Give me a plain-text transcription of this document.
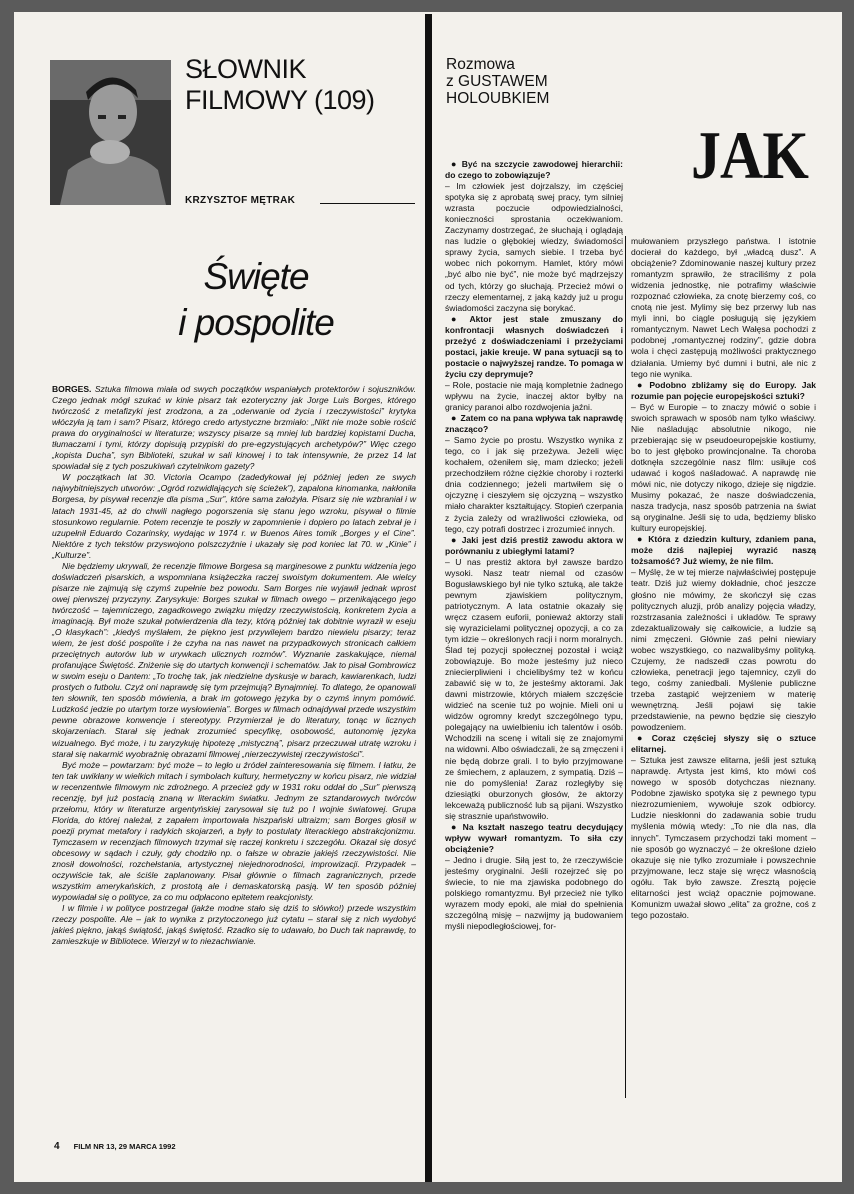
SŁOWNIK
FILMOWY (109)
KRZYSZTOF MĘTRAK
Święte
i pospolite

BORGES. Sztuka filmowa miała od swych początków wspaniałych protektorów i sojuszników. Czego jednak mógł szukać w kinie pisarz tak ezoteryczny jak Jorge Luis Borges, którego twórczość z metafizyki jest zrodzona, a za „oderwanie od życia i rzeczywistości” krytyka włóczyła ją tam i sam? Pisarz, którego credo artystyczne brzmiało: „Nikt nie może sobie rościć prawa do oryginalności w literaturze; wszyscy pisarze są mniej lub bardziej kopistami Ducha, tłumaczami i tymi, którzy dopisują przypiski do pre-egzystujących archetypów?” Więc czego „kopista Ducha”, syn Biblioteki, szukał w sali kinowej i to tak intensywnie, że przez 14 lat spowiadał się z tych poszukiwań czytelnikom gazety?

W początkach lat 30. Victoria Ocampo (zadedykował jej później jeden ze swych najwybitniejszych utworów: „Ogród rozwidlających się ścieżek”), zapalona kinomanka, nakłoniła Borgesa, by pisywał recenzje dla pisma „Sur”, które sama założyła. Pisarz się nie wzbraniał i w latach 1931-45, aż do chwili nagłego pogorszenia się stanu jego wzroku, pisywał o filmie stosunkowo regularnie. Potem recenzje te poszły w zapomnienie i dopiero po latach zebrał je i uzupełnił Eduardo Cozarinsky, wydając w 1974 r. w Buenos Aires tomik „Borges y el Cine”. Niektóre z tych tekstów przyswojono polszczyźnie i ukazały się pod koniec lat 70. w „Kinie” i „Kulturze”.

Nie będziemy ukrywali, że recenzje filmowe Borgesa są marginesowe z punktu widzenia jego doświadczeń pisarskich, a wspomniana książeczka raczej swoistym dokumentem. Ale wielcy pisarze nie zajmują się czymś zupełnie bez powodu. Sam Borges nie wyjawił jednak wprost owej pierwszej przyczyny. Zarysykuje: Borges szukał w filmach owego – przenikającego jego twórczość – tajemniczego, zagadkowego związku między rzeczywistością, konkretem życia a imaginacją. Był może szukał potwierdzenia dla tezy, którą później tak dobitnie wyraził w eseju „O klasykach”: „kiedyś myślałem, że piękno jest przywilejem bardzo niewielu pisarzy; teraz wiem, że jest dość pospolite i że czyha na nas nawet na przypadkowych stronicach całkiem przeciętnych autorów lub w urywkach ulicznych rozmów”. Wyznanie zaskakujące, niemal profanujące Świętość. Zniżenie się do utartych konwencji i schematów. Jak to pisał Gombrowicz w swoim eseju o Dantem: „To trochę tak, jak niedzielne dyskusje w barach, kawiarenkach, ludzi prostych o futbolu. Czyż oni naprawdę się tym przejmują? Bynajmniej. To dlatego, że opanowali ten słownik, ten sposób mówienia, a brak im gotowego języka by o czymś innym pomówić. Ludzkość jedzie po utartym torze wysłowienia”. Borges w filmach odnajdywał przede wszystkim pewne obrazowe konwencje i stereotypy. Przymierzał je do literatury, tonąc w licznych skojarzeniach. Starał się jednak zrozumieć specyfikę, osobowość, autonomię języka wizualnego. Być może, i tu zaryzykuję hipotezę „mistyczną”, pisarz przeczuwał utratę wzroku i starał się nakarmić wyobraźnię obrazami filmowej „nierzeczywistej rzeczywistości”.

Być może – powtarzam: być może – to legło u źródeł zainteresowania się filmem. I łatku, że ten tak uwikłany w wielkich mitach i symbolach kultury, hermetyczny w końcu pisarz, nie widział w recenzentwie filmowym nic zdrożnego. A przecież gdy w 1931 roku oddał do „Sur” pierwszą recenzję, był już postacią znaną w literackim światku. Jednym ze sztandarowych twórców przełomu, który w literaturze argentyńskiej zarysował się tuż po I wojnie światowej. Grupa Florida, do której należał, z zapałem importowała hiszpański ultraizm; sam Borges głosił w poezji prymat metafory i radykich skojarzeń, a były to postulaty literackiego abstrakcjonizmu. Tymczasem w recenzjach filmowych trzymał się raczej konkretu i szczegółu. Okazał się dosyć obcesowy w sądach i czuły, gdy chodziło np. o fałsze w obrazie jakiejś rzeczywistości. Nie znosił dowolności, rozchełstania, artystycznej niejednorodności, improwizacji. Przypadek – oczywiście tak, ale ściśle zaplanowany. Pisał głównie o filmach zagranicznych, przede wszystkim amerykańskich, z prostotą ale i demaskatorską pasją. W ten sposób później wypowiadał się o polityce, za co mu odpłacono epitetem reakcjonisty.

I w filmie i w polityce postrzegał (jakże modne stało się dziś to słówko!) przede wszystkim rzeczy pospolite. Ale – jak to wynika z przytoczonego już cytatu – starał się z nich wydobyć jakieś piękno, jakąś świątość, jakąś świętość. Rzadko się to udawało, bo Duch tak naprawdę, to zamieszkuje w Bibliotece. Wierzył w to niezachwianie.

4 FILM NR 13, 29 MARCA 1992
Rozmowa
z GUSTAWEM
HOLOUBKIEM
JAK

● Być na szczycie zawodowej hierarchii: do czego to zobowiązuje?

– Im człowiek jest dojrzalszy, im częściej spotyka się z aprobatą swej pracy, tym silniej wzrasta poczucie odpowiedzialności, konieczności sprostania oczekiwaniom. Zaczynamy dostrzegać, że słuchają i oglądają nas ludzie o głębokiej wiedzy, świadomości sprawy życia, samych siebie. I trzeba być wobec nich pokornym. Hamlet, który mówi „być albo nie być”, nie może być mądrzejszy od tych, którzy go słuchają. Przecież mówi o rzeczy elementarnej, z jaką każdy już u progu świadomości zaczyna się borykać.

● Aktor jest stale zmuszany do konfrontacji własnych doświadczeń i przeżyć z doświadczeniami i przeżyciami postaci, jakie kreuje. W pana sytuacji są to postacie o najwyższej randze. To pomaga w życiu czy deprymuje?

– Role, postacie nie mają kompletnie żadnego wpływu na życie, inaczej aktor byłby na granicy paranoi albo rozdwojenia jaźni.

● Zatem co na pana wpływa tak naprawdę znacząco?

– Samo życie po prostu. Wszystko wynika z tego, co i jak się przeżywa. Jeżeli więc kochałem, ożeniłem się, mam dziecko; jeżeli przechodziłem różne ciężkie choroby i rozterki dnia codziennego; jeżeli martwiłem się o ojczyznę i cieszyłem się ojczyzną – wszystko miało charakter kształtujący. Stopień czerpania z życia zależy od wrażliwości człowieka, od tego, czy potrafi dostrzec i zrozumieć innych.

● Jaki jest dziś prestiż zawodu aktora w porównaniu z ubiegłymi latami?

– U nas prestiż aktora był zawsze bardzo wysoki. Nasz teatr niemal od czasów Bogusławskiego był nie tylko sztuką, ale także pewnym zjawiskiem politycznym, patriotycznym. A lata ostatnie okazały się wręcz czasem euforii, ponieważ aktorzy stali się wyrazicielami politycznej opozycji, a co za tym idzie – określonych racji i norm moralnych. Ślad tej pozycji społecznej pozostał i wciąż zobowiązuje. Bo może jesteśmy już nieco zniecierpliwieni i chcielibyśmy też w końcu zabawić się w to, że jesteśmy aktorami. Jak dawni mistrzowie, których miałem szczęście widzieć na scenie tuż po wojnie. Mieli oni u widzów ogromny kredyt szczególnego typu, polegający na uwielbieniu ich talentów i osób. Wchodzili na scenę i witali się ze znajomymi na widowni. Albo oświadczali, że są zmęczeni i nie będą dobrze grali. I to było przyjmowane ze śmiechem, z aplauzem, z sympatią. Dziś – nie do pomyślenia! Zaraz rozległyby się dziesiątki oburzonych głosów, że aktorzy lekceważą publiczność lub są pijani. Wszystko się strasznie upaństwowiło.

● Na kształt naszego teatru decydujący wpływ wywarł romantyzm. To siła czy obciążenie?

– Jedno i drugie. Siłą jest to, że rzeczywiście jesteśmy oryginalni. Jeśli rozejrzeć się po świecie, to nie ma zjawiska podobnego do polskiego romantyzmu. Był przecież nie tylko wyrazem mody epoki, ale miał do spełnienia szczególną misję – nazwijmy ją budowaniem myśli niepodległościowej, for-

mułowaniem przyszłego państwa. I istotnie docierał do każdego, był „władcą dusz”. A obciążenie? Zdominowanie naszej kultury przez romantyzm sprawiło, że straciliśmy z pola widzenia jednostkę, nie potrafimy właściwie rozpoznać człowieka, za cnotę bierzemy coś, co cnotą nie jest. Mylimy się bez przerwy lub nas myli inni, bo ciągle posługują się językiem romantycznym. Nawet Lech Wałęsa pochodzi z podobnej „romantycznej rodziny”, gdzie dobra wola i chęci zastępują możliwości praktycznego działania. Umiemy być dumni i butni, ale nic z tego nie wynika.

● Podobno zbliżamy się do Europy. Jak rozumie pan pojęcie europejskości sztuki?

– Być w Europie – to znaczy mówić o sobie i swoich sprawach w sposób nam tylko właściwy. Nie naśladując absolutnie nikogo, nie przebierając się w pseudoeuropejskie kostiumy, bo to jest głęboko prowincjonalne. Ta choroba dotknęła szczególnie nasz film: usiłuje coś udawać i kogoś naśladować. A naprawdę nie mówi nic, nie dotyczy nikogo, dzieje się nigdzie. Musimy pokazać, że nasze doświadczenia, nasza tradycja, nasz sposób patrzenia na świat są oryginalne. Jeśli się to uda, będziemy blisko kultury europejskiej.

● Która z dziedzin kultury, zdaniem pana, może dziś najlepiej wyrazić naszą tożsamość? Już wiemy, że nie film.

– Myślę, że w tej mierze najwłaściwiej postępuje teatr. Dziś już wiemy dokładnie, choć jeszcze głośno nie mówimy, że skończył się czas politycznych aluzji, prób analizy pojęcia władzy, rozstrzasania zależności i układów. Te sprawy zdezaktualizowały się całkowicie, a ludzie są nimi zmęczeni. Głównie zaś pełni niewiary wobec wszystkiego, co nazwalibyśmy polityką. Czujemy, że nadszedł czas powrotu do człowieka, penetracji jego tajemnicy, czyli do tego, cośmy zaniedbali. Myślenie publiczne trzeba zastąpić wejrzeniem w materię wewnętrzną. Jeśli pojawi się takie przedstawienie, na pewno będzie się cieszyło powodzeniem.

● Coraz częściej słyszy się o sztuce elitarnej.

– Sztuka jest zawsze elitarna, jeśli jest sztuką naprawdę. Artysta jest kimś, kto mówi coś nowego w sposób dotychczas nieznany. Podobne zjawisko spotyka się z pewnego typu niezrozumieniem, wywołuje szok odbiorcy. Ludzie nieskłonni do zadawania sobie trudu myślenia mówią wtedy: „To nie dla nas, dla innych”. Tymczasem przychodzi taki moment – nie sposób go wyznaczyć – że określone dzieło okazuje się nie tylko zrozumiałe i powszechnie przyjmowane, lecz staje się wręcz własnością ogółu. Tak było zawsze. Zresztą pojęcie elitarności jest wciąż opacznie pojmowane. Komunizm uważał słowo „elita” za groźne, coś z tego pozostało.
